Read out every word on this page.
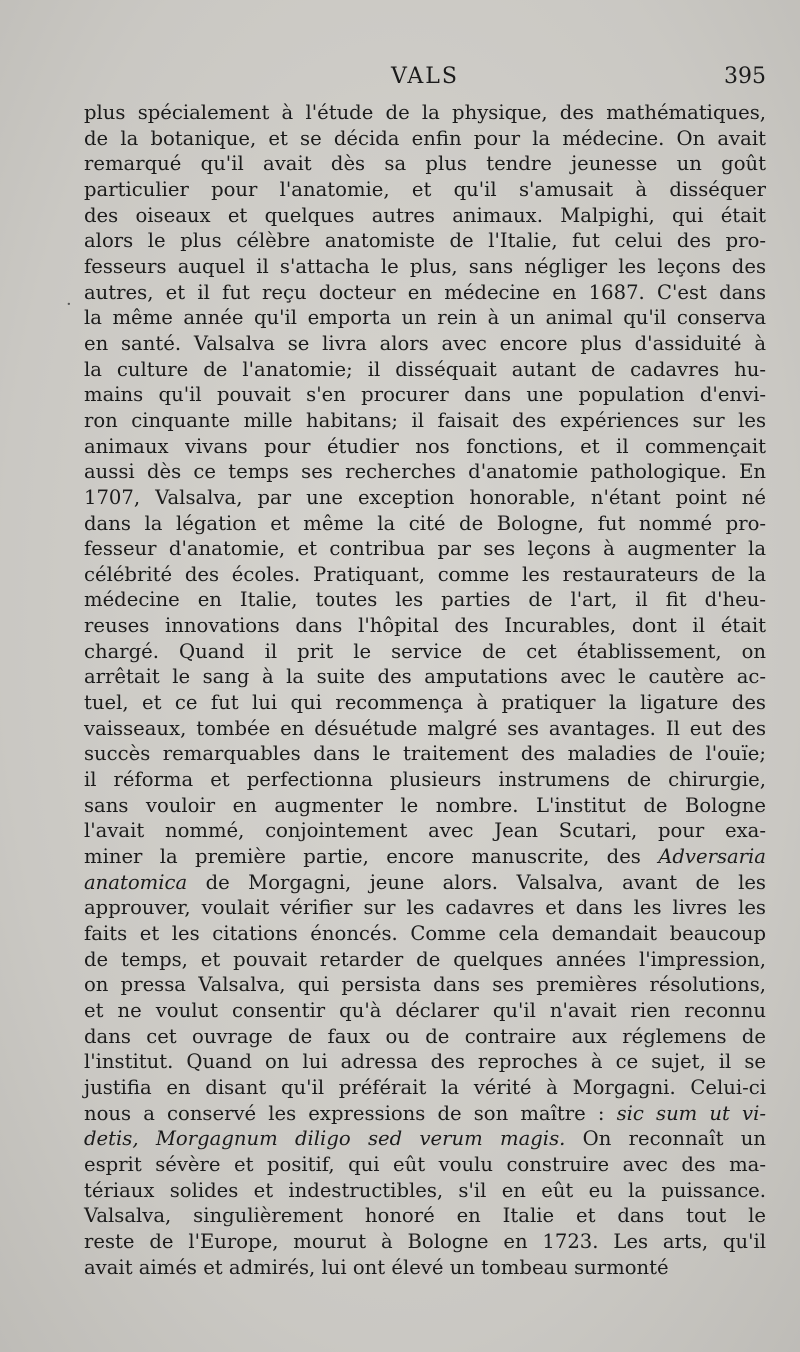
VALS	395
plus spécialement à l'étude de la physique, des mathématiques,
de la botanique, et se décida enfin pour la médecine. On avait
remarqué qu'il avait dès sa plus tendre jeunesse un goût
particulier pour l'anatomie, et qu'il s'amusait à disséquer
des oiseaux et quelques autres animaux. Malpighi, qui était
alors le plus célèbre anatomiste de l'Italie, fut celui des pro-
fesseurs auquel il s'attacha le plus, sans négliger les leçons des
autres, et il fut reçu docteur en médecine en 1687. C'est dans
la même année qu'il emporta un rein à un animal qu'il conserva
en santé. Valsalva se livra alors avec encore plus d'assiduité à
la culture de l'anatomie; il disséquait autant de cadavres hu-
mains qu'il pouvait s'en procurer dans une population d'envi-
ron cinquante mille habitans; il faisait des expériences sur les
animaux vivans pour étudier nos fonctions, et il commençait
aussi dès ce temps ses recherches d'anatomie pathologique. En
1707, Valsalva, par une exception honorable, n'étant point né
dans la légation et même la cité de Bologne, fut nommé pro-
fesseur d'anatomie, et contribua par ses leçons à augmenter la
célébrité des écoles. Pratiquant, comme les restaurateurs de la
médecine en Italie, toutes les parties de l'art, il fit d'heu-
reuses innovations dans l'hôpital des Incurables, dont il était
chargé. Quand il prit le service de cet établissement, on
arrêtait le sang à la suite des amputations avec le cautère ac-
tuel, et ce fut lui qui recommença à pratiquer la ligature des
vaisseaux, tombée en désuétude malgré ses avantages. Il eut des
succès remarquables dans le traitement des maladies de l'ouïe;
il réforma et perfectionna plusieurs instrumens de chirurgie,
sans vouloir en augmenter le nombre. L'institut de Bologne
l'avait nommé, conjointement avec Jean Scutari, pour exa-
miner la première partie, encore manuscrite, des Adversaria
anatomica de Morgagni, jeune alors. Valsalva, avant de les
approuver, voulait vérifier sur les cadavres et dans les livres les
faits et les citations énoncés. Comme cela demandait beaucoup
de temps, et pouvait retarder de quelques années l'impression,
on pressa Valsalva, qui persista dans ses premières résolutions,
et ne voulut consentir qu'à déclarer qu'il n'avait rien reconnu
dans cet ouvrage de faux ou de contraire aux réglemens de
l'institut. Quand on lui adressa des reproches à ce sujet, il se
justifia en disant qu'il préférait la vérité à Morgagni. Celui-ci
nous a conservé les expressions de son maître : sic sum ut vi-
detis, Morgagnum diligo sed verum magis. On reconnaît un
esprit sévère et positif, qui eût voulu construire avec des ma-
tériaux solides et indestructibles, s'il en eût eu la puissance.
Valsalva, singulièrement honoré en Italie et dans tout le
reste de l'Europe, mourut à Bologne en 1723. Les arts, qu'il
avait aimés et admirés, lui ont élevé un tombeau surmonté
·
